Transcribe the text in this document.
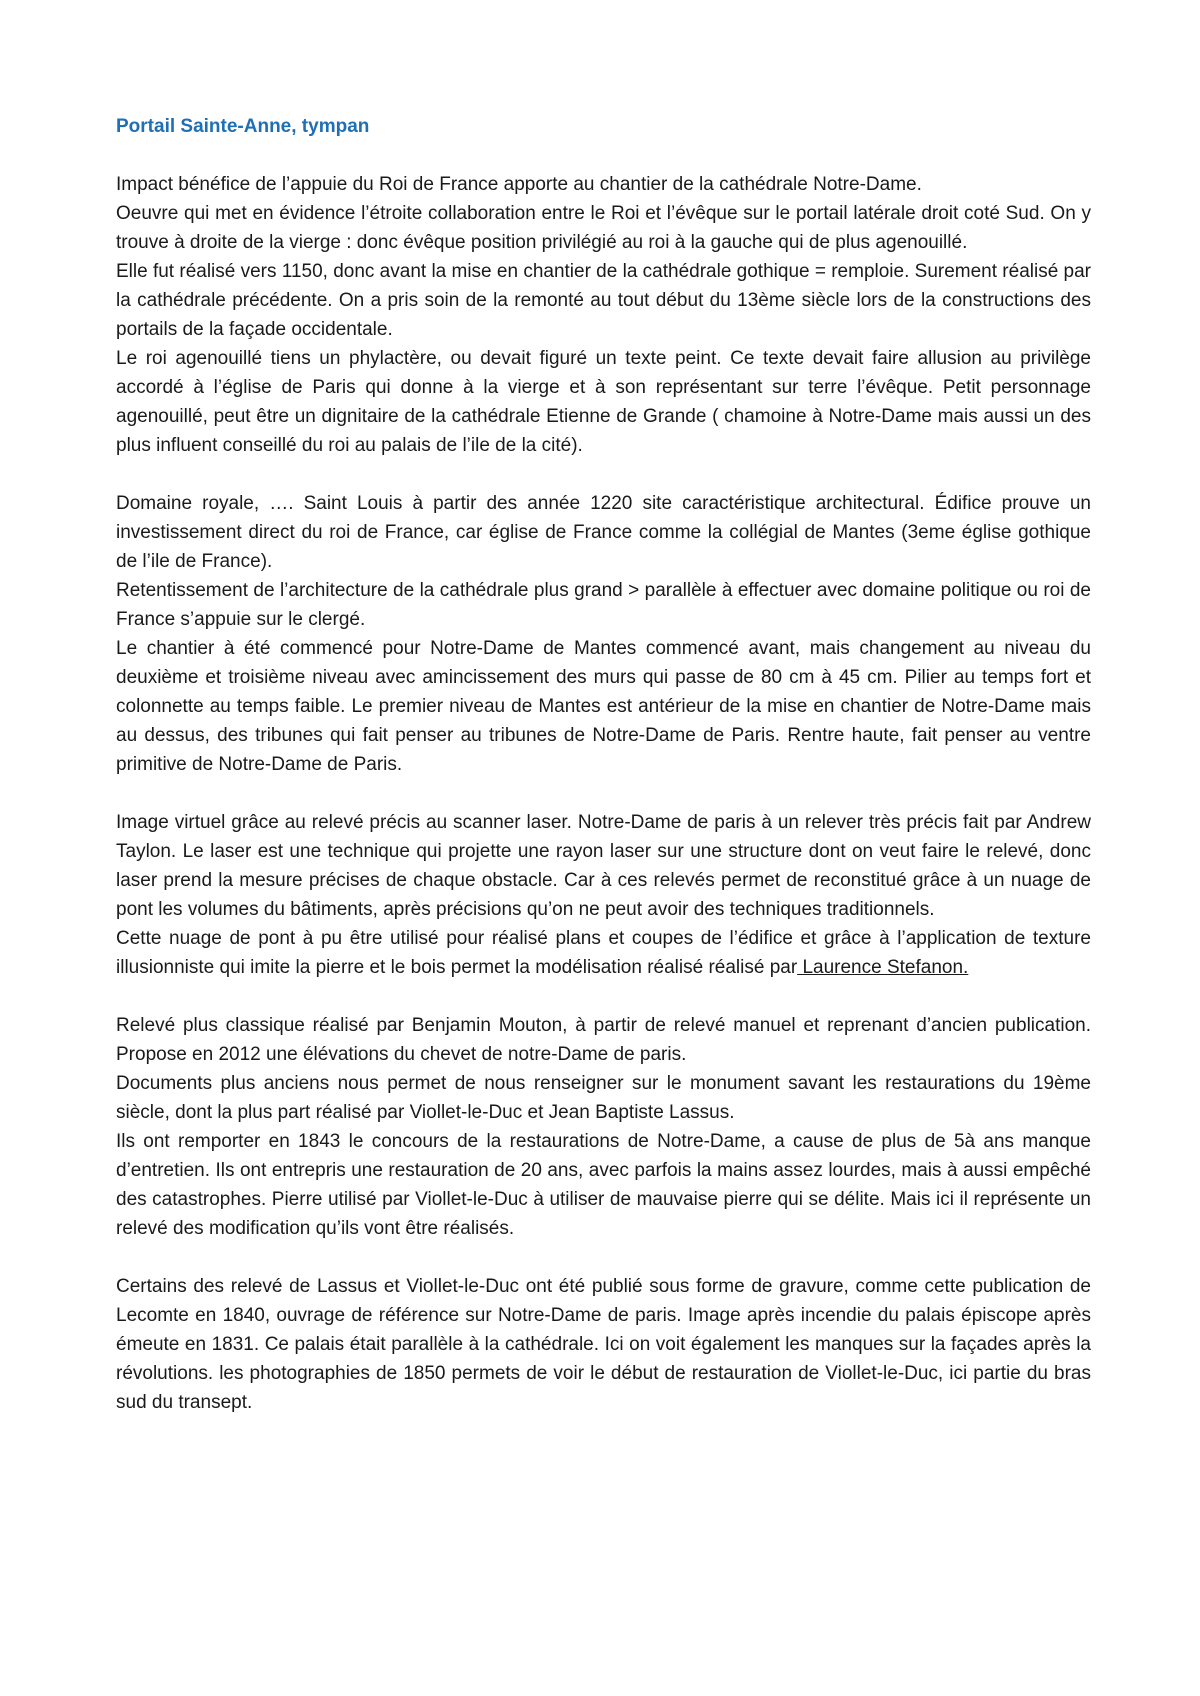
Portail Sainte-Anne, tympan

Impact bénéfice de l’appuie du Roi de France apporte au chantier de la cathédrale Notre-Dame.

Oeuvre qui met en évidence l’étroite collaboration entre le Roi et l’évêque sur le portail latérale droit coté Sud. On y trouve à droite de la vierge : donc évêque position privilégié au roi à la gauche qui de plus agenouillé.

Elle fut réalisé vers 1150, donc avant la mise en chantier de la cathédrale gothique = remploie. Surement réalisé par la cathédrale précédente. On a pris soin de la remonté au tout début du 13ème siècle lors de la constructions des portails de la façade occidentale.

Le roi agenouillé tiens un phylactère, ou devait figuré un texte peint. Ce texte devait faire allusion au privilège accordé à l’église de Paris qui donne à la vierge et à son représentant sur terre l’évêque. Petit personnage agenouillé, peut être un dignitaire de la cathédrale Etienne de Grande ( chamoine à Notre-Dame mais aussi un des plus influent conseillé du roi au palais de l’ile de la cité).

Domaine royale, …. Saint Louis à partir des année 1220 site caractéristique architectural. Édifice prouve un investissement direct du roi de France, car église de France comme la collégial de Mantes (3eme église gothique de l’ile de France).

Retentissement de l’architecture de la cathédrale plus grand > parallèle à effectuer avec domaine politique ou roi de France s’appuie sur le clergé.

Le chantier à été commencé pour Notre-Dame de Mantes commencé avant, mais changement au niveau du deuxième et troisième niveau avec amincissement des murs qui passe de 80 cm à 45 cm. Pilier au temps fort et colonnette au temps faible. Le premier niveau de Mantes est antérieur de la mise en chantier de Notre-Dame mais au dessus, des tribunes qui fait penser au tribunes de Notre-Dame de Paris. Rentre haute, fait penser au ventre primitive de Notre-Dame de Paris.

Image virtuel grâce au relevé précis au scanner laser. Notre-Dame de paris à un relever très précis fait par Andrew Taylon. Le laser est une technique qui projette une rayon laser sur une structure dont on veut faire le relevé, donc laser prend la mesure précises de chaque obstacle. Car à ces relevés permet de reconstitué grâce à un nuage de pont les volumes du bâtiments, après précisions qu’on ne peut avoir des techniques traditionnels.

Cette nuage de pont à pu être utilisé pour réalisé plans et coupes de l’édifice et grâce à l’application de texture illusionniste qui imite la pierre et le bois permet la modélisation réalisé réalisé par Laurence Stefanon.

Relevé plus classique réalisé par Benjamin Mouton, à partir de relevé manuel et reprenant d’ancien publication. Propose en 2012 une élévations du chevet de notre-Dame de paris.

Documents plus anciens nous permet de nous renseigner sur le monument savant les restaurations du 19ème siècle, dont la plus part réalisé par Viollet-le-Duc et Jean Baptiste Lassus.

Ils ont remporter en 1843 le concours de la restaurations de Notre-Dame, a cause de plus de 5à ans manque d’entretien. Ils ont entrepris une restauration de 20 ans, avec parfois la mains assez lourdes, mais à aussi empêché des catastrophes. Pierre utilisé par Viollet-le-Duc à utiliser de mauvaise pierre qui se délite. Mais ici il représente un relevé des modification qu’ils vont être réalisés.

Certains des relevé de Lassus et Viollet-le-Duc ont été publié sous forme de gravure, comme cette publication de Lecomte en 1840, ouvrage de référence sur Notre-Dame de paris. Image après incendie du palais épiscope après émeute en 1831. Ce palais était parallèle à la cathédrale. Ici on voit également les manques sur la façades après la révolutions. les photographies de 1850 permets de voir le début de restauration de Viollet-le-Duc, ici partie du bras sud du transept.
